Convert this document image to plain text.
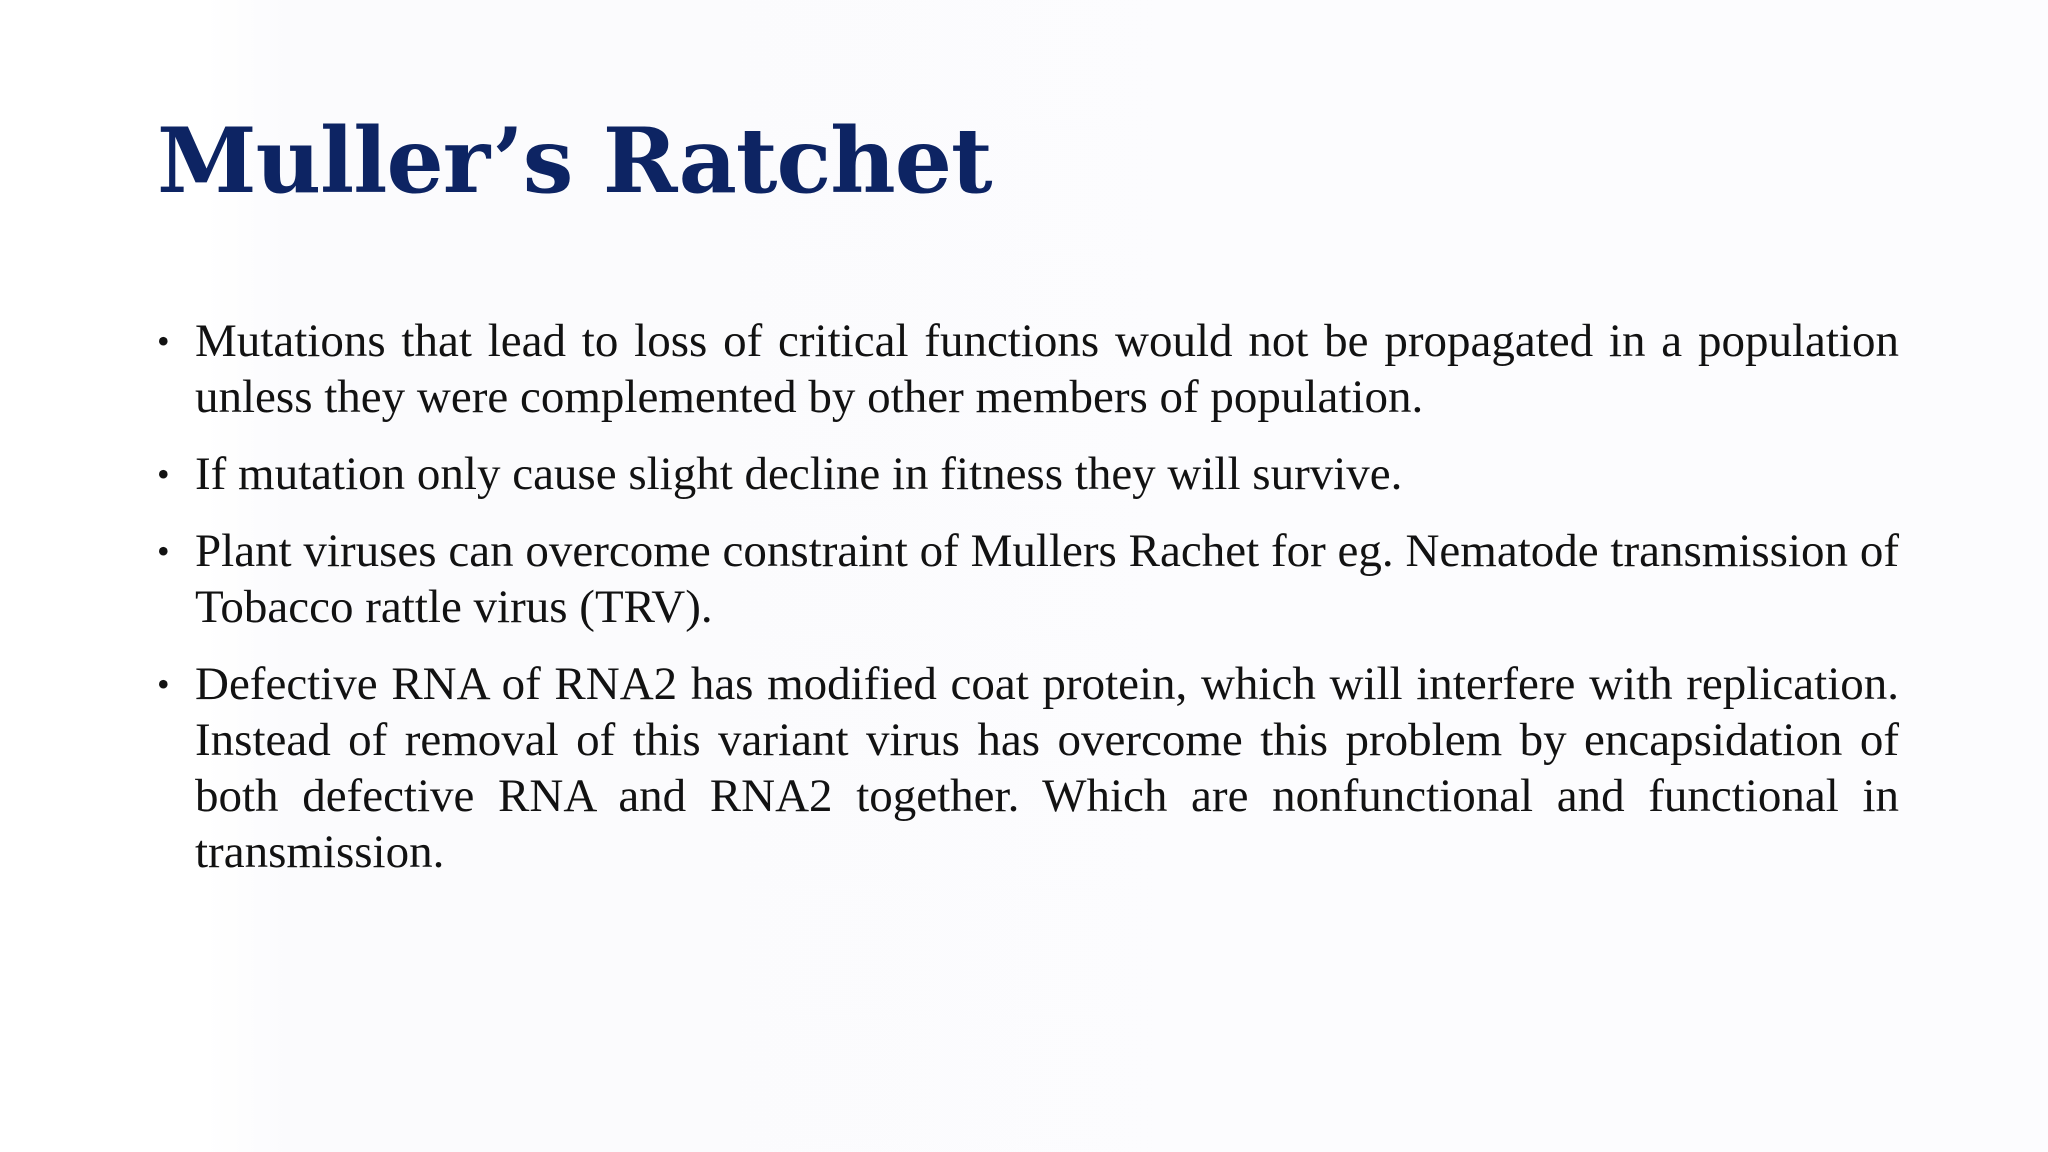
Muller’s Ratchet
• Mutations that lead to loss of critical functions would not be propagated in a population unless they were complemented by other members of population.
• If mutation only cause slight decline in fitness they will survive.
• Plant viruses can overcome constraint of Mullers Rachet for eg. Nematode transmission of Tobacco rattle virus (TRV).
• Defective RNA of RNA2 has modified coat protein, which will interfere with replication. Instead of removal of this variant virus has overcome this problem by encapsidation of both defective RNA and RNA2 together. Which are nonfunctional and functional in transmission.
